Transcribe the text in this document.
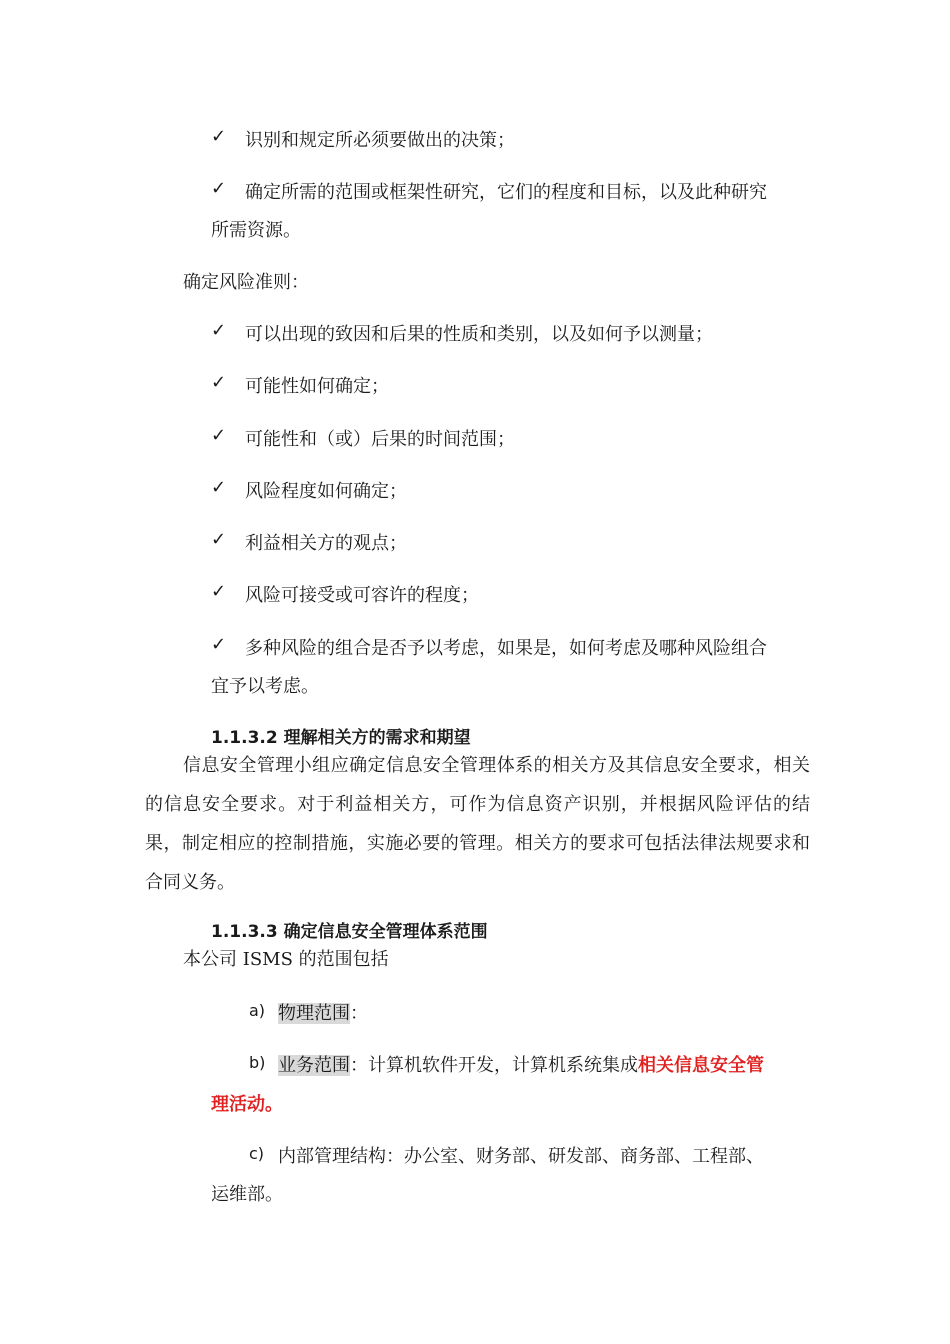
✓ 识别和规定所必须要做出的决策；
✓ 确定所需的范围或框架性研究，它们的程度和目标，以及此种研究
所需资源。
确定风险准则：
✓ 可以出现的致因和后果的性质和类别，以及如何予以测量；
✓ 可能性如何确定；
✓ 可能性和（或）后果的时间范围；
✓ 风险程度如何确定；
✓ 利益相关方的观点；
✓ 风险可接受或可容许的程度；
✓ 多种风险的组合是否予以考虑，如果是，如何考虑及哪种风险组合
宜予以考虑。
1.1.3.2 理解相关方的需求和期望
信息安全管理小组应确定信息安全管理体系的相关方及其信息安全要求，相关的信息安全要求。对于利益相关方，可作为信息资产识别，并根据风险评估的结果，制定相应的控制措施，实施必要的管理。相关方的要求可包括法律法规要求和合同义务。
1.1.3.3 确定信息安全管理体系范围
本公司 ISMS 的范围包括
a) 物理范围：
b) 业务范围：计算机软件开发，计算机系统集成相关信息安全管
理活动。
c) 内部管理结构：办公室、财务部、研发部、商务部、工程部、
运维部。
